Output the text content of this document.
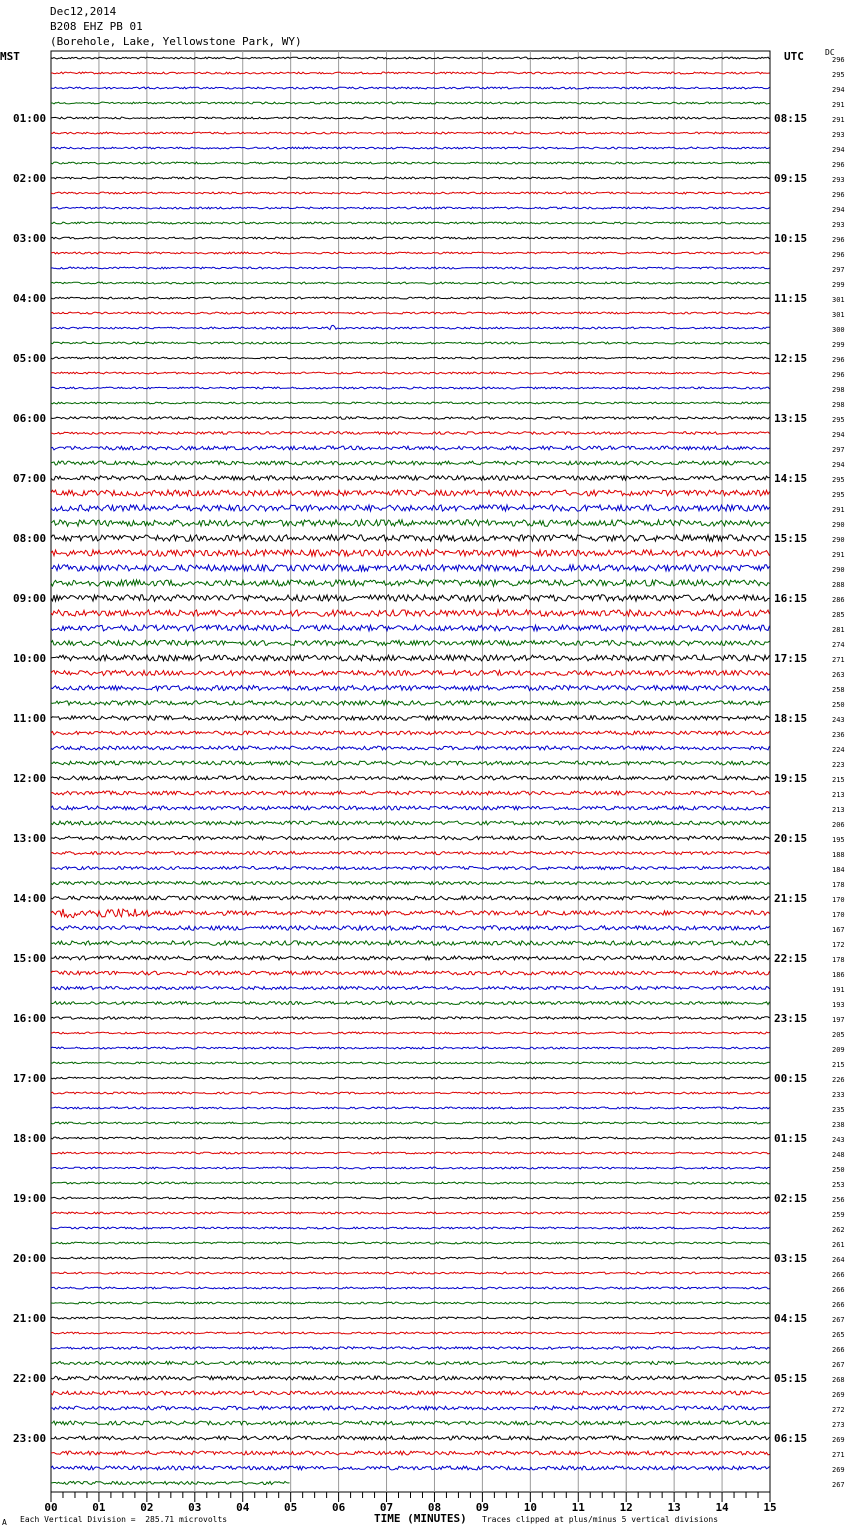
Dec12,2014
B208 EHZ PB 01
(Borehole, Lake, Yellowstone Park, WY)
MST	UTC	DC
00	01	02	03	04	05	06	07	08	09	10	11	12	13	14	15
296
295
294
291
291
293
294
296
293
296
294
293
296
296
297
299
301
301
300
299
296
296
298
298
295
294
297
294
295
295
291
290
290
291
290
288
286
285
281
274
271
263
258
250
243
236
224
223
215
213
213
206
195
188
184
178
170
170
167
172
178
186
191
193
197
205
209
215
226
233
235
238
243
248
250
253
256
259
262
261
264
266
266
266
267
265
266
267
268
269
272
273
269
271
269
267
01:00
02:00
03:00
04:00
05:00
06:00
07:00
08:00
09:00
10:00
11:00
12:00
13:00
14:00
15:00
16:00
17:00
18:00
19:00
20:00
21:00
22:00
23:00
08:15
09:15
10:15
11:15
12:15
13:15
14:15
15:15
16:15
17:15
18:15
19:15
20:15
21:15
22:15
23:15
00:15
01:15
02:15
03:15
04:15
05:15
06:15
A Each Vertical Division =  285.71 microvolts	TIME (MINUTES) Traces clipped at plus/minus 5 vertical divisions
